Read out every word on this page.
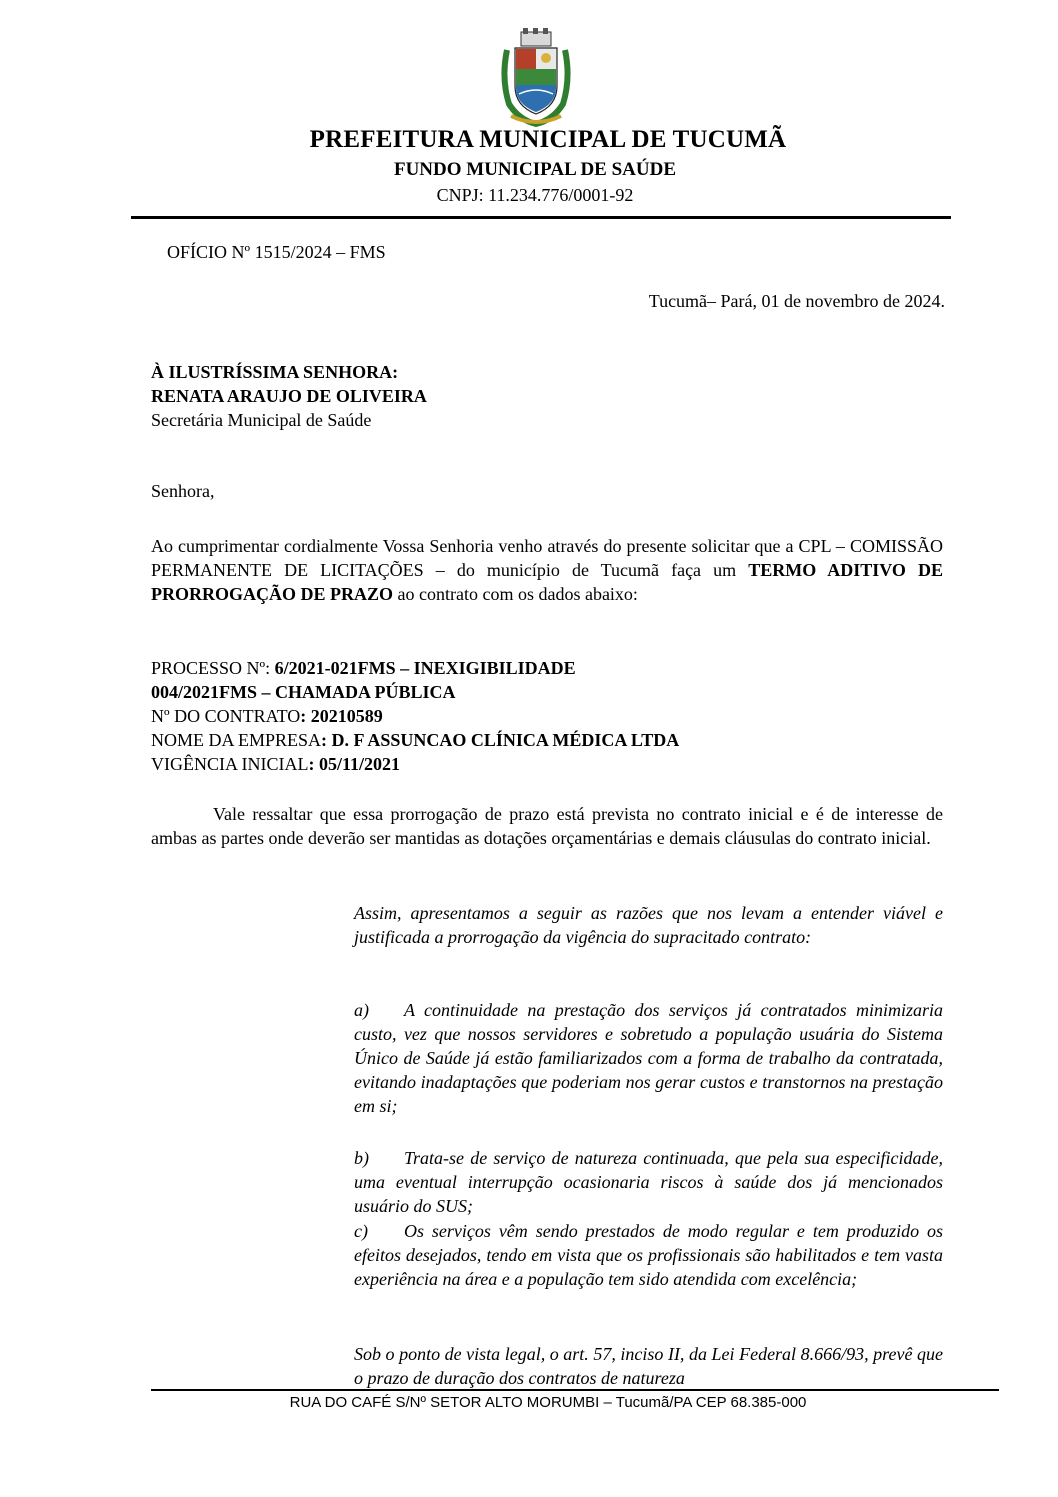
PREFEITURA MUNICIPAL DE TUCUMÃ
FUNDO MUNICIPAL DE SAÚDE
CNPJ: 11.234.776/0001-92
OFÍCIO Nº 1515/2024 – FMS
Tucumã– Pará, 01 de novembro de 2024.
À ILUSTRÍSSIMA SENHORA:
RENATA ARAUJO DE OLIVEIRA
Secretária Municipal de Saúde
Senhora,
Ao cumprimentar cordialmente Vossa Senhoria venho através do presente solicitar que a CPL – COMISSÃO PERMANENTE DE LICITAÇÕES – do município de Tucumã faça um TERMO ADITIVO DE PRORROGAÇÃO DE PRAZO ao contrato com os dados abaixo:
PROCESSO Nº: 6/2021-021FMS – INEXIGIBILIDADE
004/2021FMS – CHAMADA PÚBLICA
Nº DO CONTRATO: 20210589
NOME DA EMPRESA: D. F ASSUNCAO CLÍNICA MÉDICA LTDA
VIGÊNCIA INICIAL: 05/11/2021
Vale ressaltar que essa prorrogação de prazo está prevista no contrato inicial e é de interesse de ambas as partes onde deverão ser mantidas as dotações orçamentárias e demais cláusulas do contrato inicial.
Assim, apresentamos a seguir as razões que nos levam a entender viável e justificada a prorrogação da vigência do supracitado contrato:
a) A continuidade na prestação dos serviços já contratados minimizaria custo, vez que nossos servidores e sobretudo a população usuária do Sistema Único de Saúde já estão familiarizados com a forma de trabalho da contratada, evitando inadaptações que poderiam nos gerar custos e transtornos na prestação em si;
b) Trata-se de serviço de natureza continuada, que pela sua especificidade, uma eventual interrupção ocasionaria riscos à saúde dos já mencionados usuário do SUS;
c) Os serviços vêm sendo prestados de modo regular e tem produzido os efeitos desejados, tendo em vista que os profissionais são habilitados e tem vasta experiência na área e a população tem sido atendida com excelência;
Sob o ponto de vista legal, o art. 57, inciso II, da Lei Federal 8.666/93, prevê que o prazo de duração dos contratos de natureza
RUA DO CAFÉ S/Nº SETOR ALTO MORUMBI – Tucumã/PA CEP 68.385-000
